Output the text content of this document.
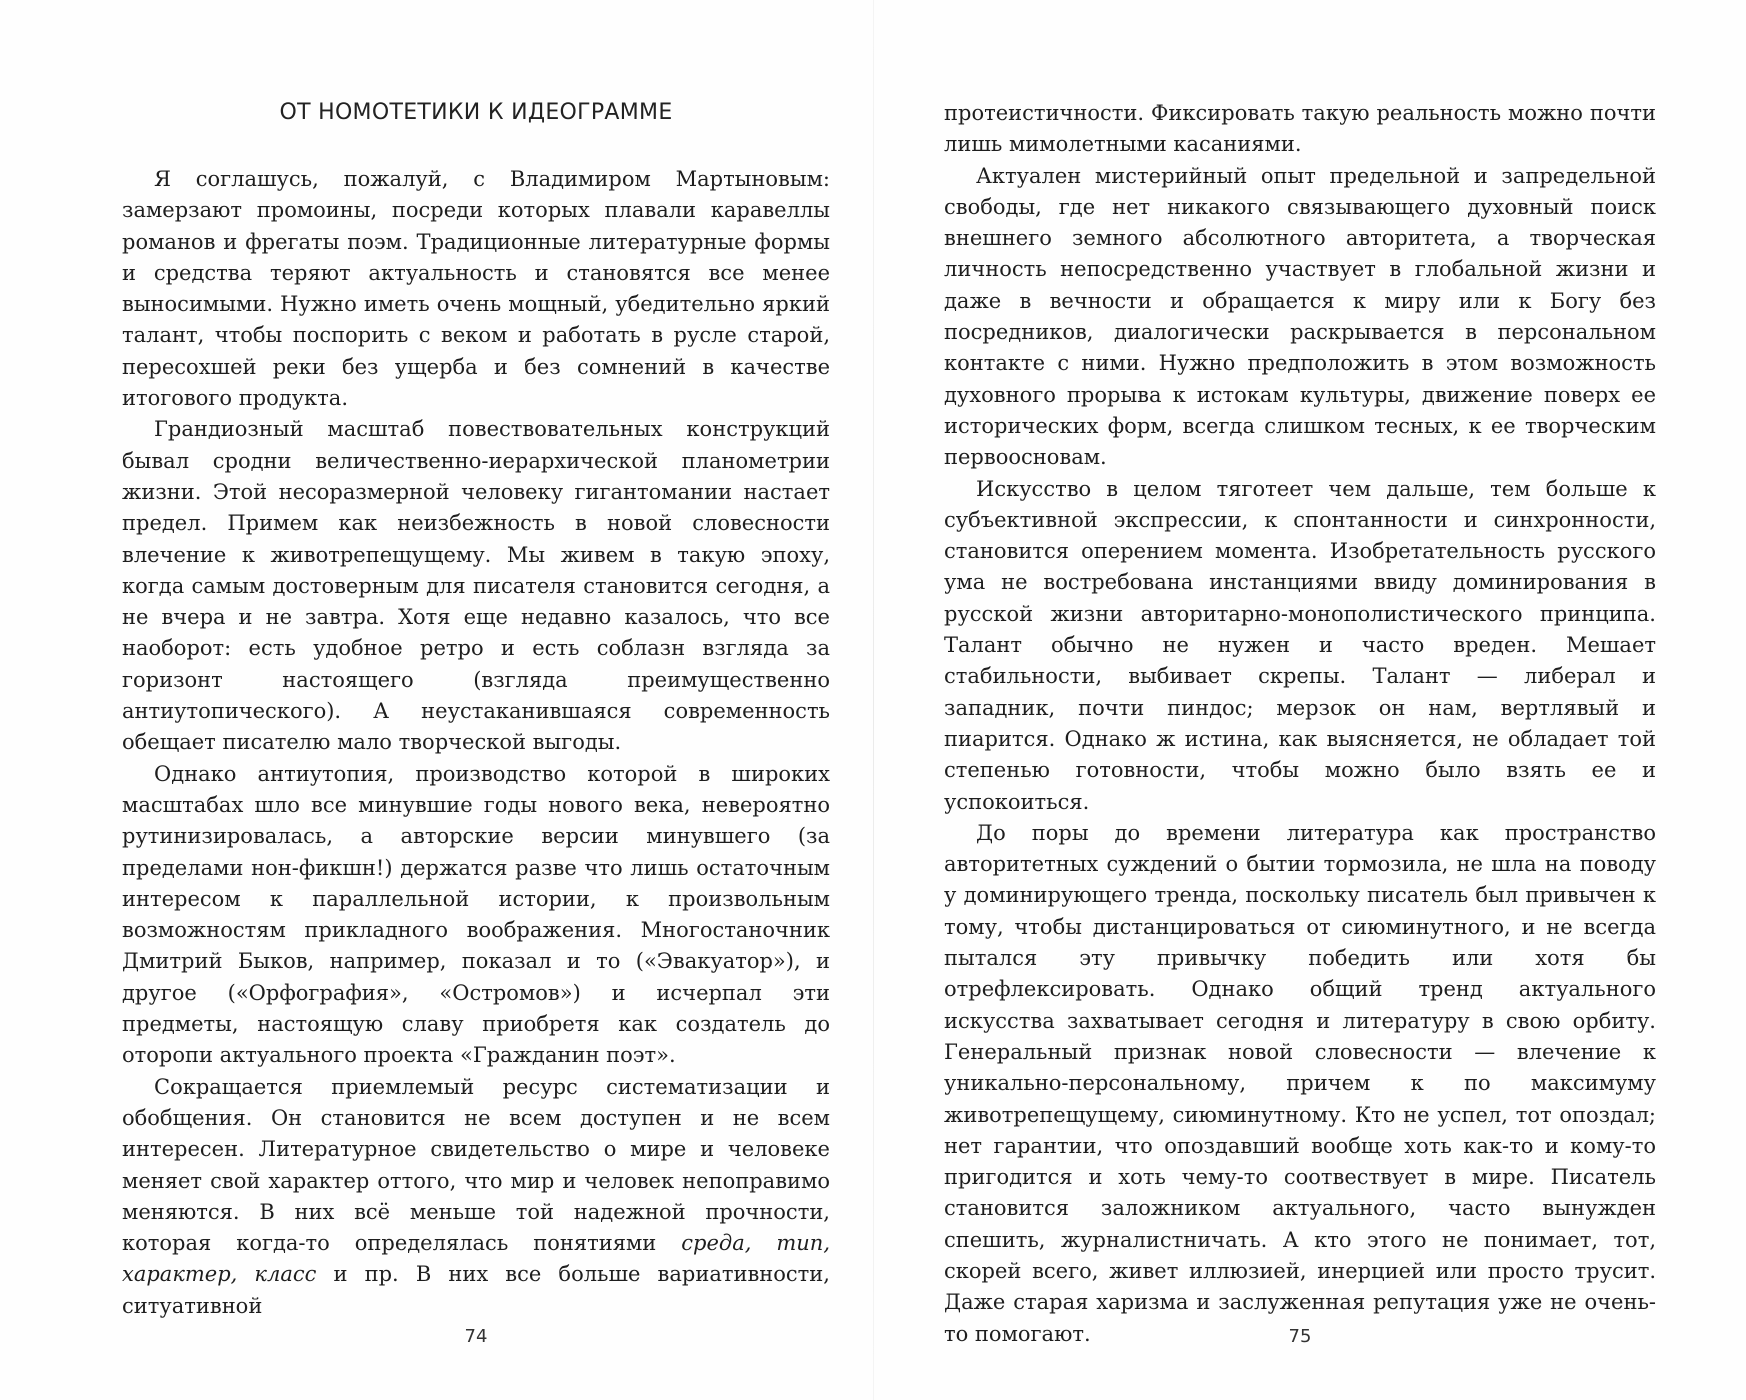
ОТ НОМОТЕТИКИ К ИДЕОГРАММЕ

Я соглашусь, пожалуй, с Владимиром Мартыновым: замерзают промоины, посреди которых плавали каравеллы романов и фрегаты поэм. Традиционные литературные формы и средства теряют актуальность и становятся все менее выносимыми. Нужно иметь очень мощный, убедительно яркий талант, чтобы поспорить с веком и работать в русле старой, пересохшей реки без ущерба и без сомнений в качестве итогового продукта.

Грандиозный масштаб повествовательных конструкций бывал сродни величественно-иерархической планометрии жизни. Этой несоразмерной человеку гигантомании настает предел. Примем как неизбежность в новой словесности влечение к животрепещущему. Мы живем в такую эпоху, когда самым достоверным для писателя становится сегодня, а не вчера и не завтра. Хотя еще недавно казалось, что все наоборот: есть удобное ретро и есть соблазн взгляда за горизонт настоящего (взгляда преимущественно антиутопического). А неустаканившаяся современность обещает писателю мало творческой выгоды.

Однако антиутопия, производство которой в широких масштабах шло все минувшие годы нового века, невероятно рутинизировалась, а авторские версии минувшего (за пределами нон-фикшн!) держатся разве что лишь остаточным интересом к параллельной истории, к произвольным возможностям прикладного воображения. Многостаночник Дмитрий Быков, например, показал и то («Эвакуатор»), и другое («Орфография», «Остромов») и исчерпал эти предметы, настоящую славу приобретя как создатель до оторопи актуального проекта «Гражданин поэт».

Сокращается приемлемый ресурс систематизации и обобщения. Он становится не всем доступен и не всем интересен. Литературное свидетельство о мире и человеке меняет свой характер оттого, что мир и человек непоправимо меняются. В них всё меньше той надежной прочности, которая когда-то определялась понятиями среда, тип, характер, класс и пр. В них все больше вариативности, ситуативной

74

протеистичности. Фиксировать такую реальность можно почти лишь мимолетными касаниями.

Актуален мистерийный опыт предельной и запредельной свободы, где нет никакого связывающего духовный поиск внешнего земного абсолютного авторитета, а творческая личность непосредственно участвует в глобальной жизни и даже в вечности и обращается к миру или к Богу без посредников, диалогически раскрывается в персональном контакте с ними. Нужно предположить в этом возможность духовного прорыва к истокам культуры, движение поверх ее исторических форм, всегда слишком тесных, к ее творческим первоосновам.

Искусство в целом тяготеет чем дальше, тем больше к субъективной экспрессии, к спонтанности и синхронности, становится оперением момента. Изобретательность русского ума не востребована инстанциями ввиду доминирования в русской жизни авторитарно-монополистического принципа. Талант обычно не нужен и часто вреден. Мешает стабильности, выбивает скрепы. Талант — либерал и западник, почти пиндос; мерзок он нам, вертлявый и пиарится. Однако ж истина, как выясняется, не обладает той степенью готовности, чтобы можно было взять ее и успокоиться.

До поры до времени литература как пространство авторитетных суждений о бытии тормозила, не шла на поводу у доминирующего тренда, поскольку писатель был привычен к тому, чтобы дистанцироваться от сиюминутного, и не всегда пытался эту привычку победить или хотя бы отрефлексировать. Однако общий тренд актуального искусства захватывает сегодня и литературу в свою орбиту. Генеральный признак новой словесности — влечение к уникально-персональному, причем к по максимуму животрепещущему, сиюминутному. Кто не успел, тот опоздал; нет гарантии, что опоздавший вообще хоть как-то и кому-то пригодится и хоть чему-то соотвествует в мире. Писатель становится заложником актуального, часто вынужден спешить, журналистничать. А кто этого не понимает, тот, скорей всего, живет иллюзией, инерцией или просто трусит. Даже старая харизма и заслуженная репутация уже не очень-то помогают.	75
